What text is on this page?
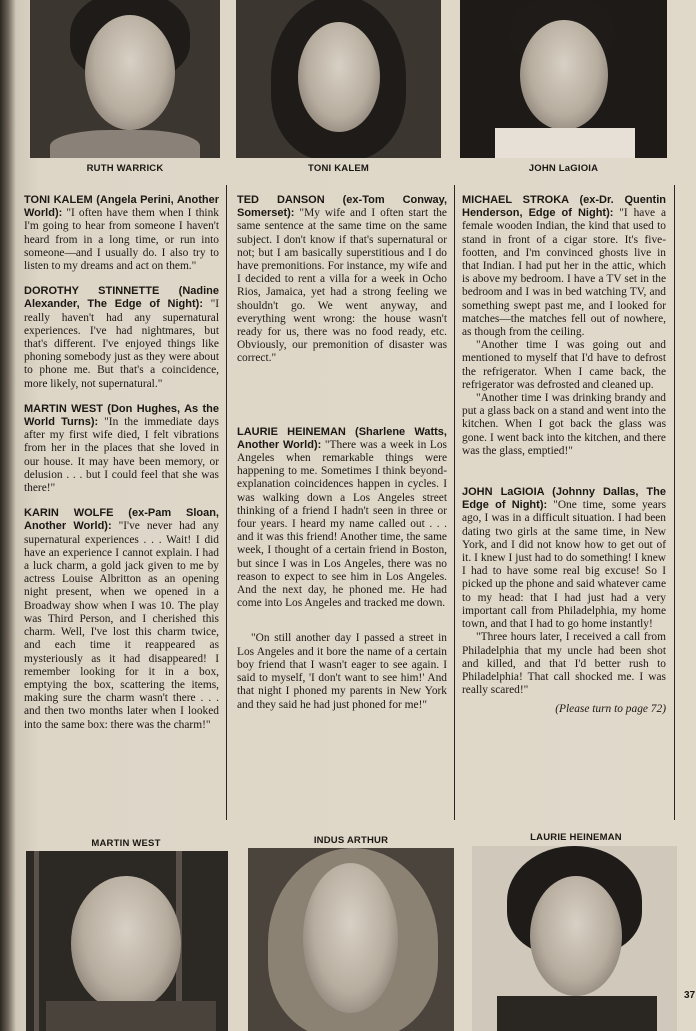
RUTH WARRICK	TONI KALEM	JOHN LaGIOIA

TONI KALEM (Angela Perini, Another World): "I often have them when I think I'm going to hear from someone I haven't heard from in a long time, or run into someone—and I usually do. I also try to listen to my dreams and act on them."

DOROTHY STINNETTE (Nadine Alexander, The Edge of Night): "I really haven't had any supernatural experiences. I've had nightmares, but that's different. I've enjoyed things like phoning somebody just as they were about to phone me. But that's a coincidence, more likely, not supernatural."

MARTIN WEST (Don Hughes, As the World Turns): "In the immediate days after my first wife died, I felt vibrations from her in the places that she loved in our house. It may have been memory, or delusion . . . but I could feel that she was there!"

KARIN WOLFE (ex-Pam Sloan, Another World): "I've never had any supernatural experiences . . . Wait! I did have an experience I cannot explain. I had a luck charm, a gold jack given to me by actress Louise Albritton as an opening night present, when we opened in a Broadway show when I was 10. The play was Third Person, and I cherished this charm. Well, I've lost this charm twice, and each time it reappeared as mysteriously as it had disappeared! I remember looking for it in a box, emptying the box, scattering the items, making sure the charm wasn't there . . . and then two months later when I looked into the same box: there was the charm!"

TED DANSON (ex-Tom Conway, Somerset): "My wife and I often start the same sentence at the same time on the same subject. I don't know if that's supernatural or not; but I am basically superstitious and I do have premonitions. For instance, my wife and I decided to rent a villa for a week in Ocho Rios, Jamaica, yet had a strong feeling we shouldn't go. We went anyway, and everything went wrong: the house wasn't ready for us, there was no food ready, etc. Obviously, our premonition of disaster was correct."

LAURIE HEINEMAN (Sharlene Watts, Another World): "There was a week in Los Angeles when remarkable things were happening to me. Sometimes I think beyond-explanation coincidences happen in cycles. I was walking down a Los Angeles street thinking of a friend I hadn't seen in three or four years. I heard my name called out . . . and it was this friend! Another time, the same week, I thought of a certain friend in Boston, but since I was in Los Angeles, there was no reason to expect to see him in Los Angeles. And the next day, he phoned me. He had come into Los Angeles and tracked me down.

"On still another day I passed a street in Los Angeles and it bore the name of a certain boy friend that I wasn't eager to see again. I said to myself, 'I don't want to see him!' And that night I phoned my parents in New York and they said he had just phoned for me!"

MICHAEL STROKA (ex-Dr. Quentin Henderson, Edge of Night): "I have a female wooden Indian, the kind that used to stand in front of a cigar store. It's five-footten, and I'm convinced ghosts live in that Indian. I had put her in the attic, which is above my bedroom. I have a TV set in the bedroom and I was in bed watching TV, and something swept past me, and I looked for matches—the matches fell out of nowhere, as though from the ceiling.

"Another time I was going out and mentioned to myself that I'd have to defrost the refrigerator. When I came back, the refrigerator was defrosted and cleaned up.

"Another time I was drinking brandy and put a glass back on a stand and went into the kitchen. When I got back the glass was gone. I went back into the kitchen, and there was the glass, emptied!"

JOHN LaGIOIA (Johnny Dallas, The Edge of Night): "One time, some years ago, I was in a difficult situation. I had been dating two girls at the same time, in New York, and I did not know how to get out of it. I knew I just had to do something! I knew I had to have some real big excuse! So I picked up the phone and said whatever came to my head: that I had just had a very important call from Philadelphia, my home town, and that I had to go home instantly!

"Three hours later, I received a call from Philadelphia that my uncle had been shot and killed, and that I'd better rush to Philadelphia! That call shocked me. I was really scared!"

(Please turn to page 72)

MARTIN WEST	INDUS ARTHUR	LAURIE HEINEMAN
37
